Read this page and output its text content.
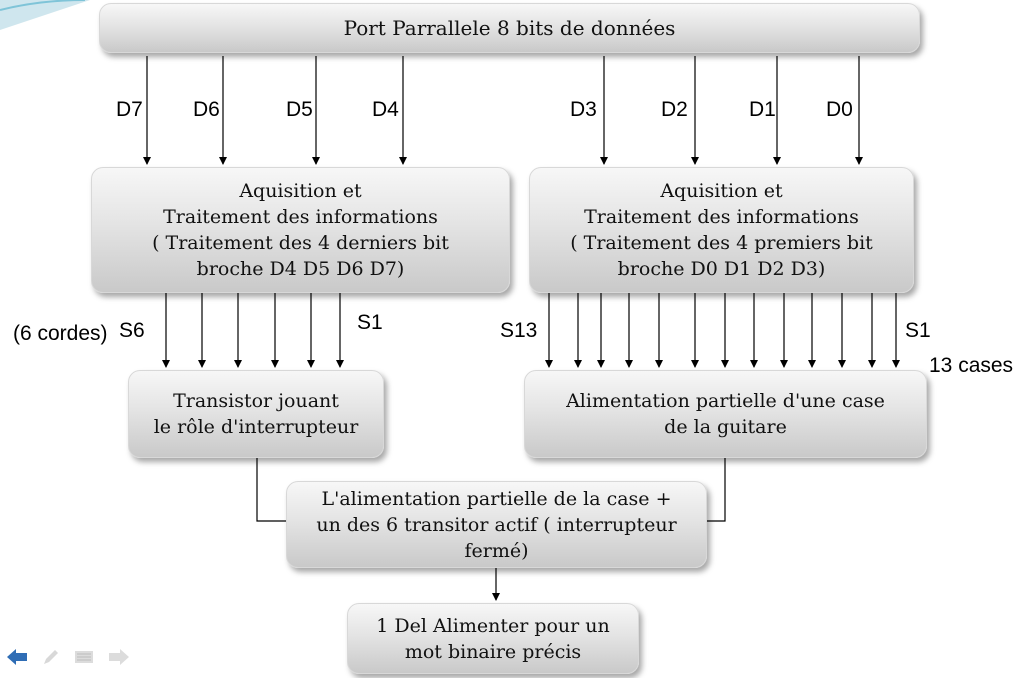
Port Parrallele 8 bits de données
Aquisition et
Traitement des informations
( Traitement des 4 derniers bit
broche D4 D5 D6 D7)
Aquisition et
Traitement des informations
( Traitement des 4 premiers bit
broche D0 D1 D2 D3)
Transistor jouant
le rôle d'interrupteur
Alimentation partielle d'une case
de la guitare
L'alimentation partielle de la case +
un des 6 transitor actif ( interrupteur
fermé)
1 Del Alimenter pour un
mot binaire précis
D7 D6	D5	D4	D3	D2	D1 D0
(6 cordes) S6	S1	S13	S1
13 cases
